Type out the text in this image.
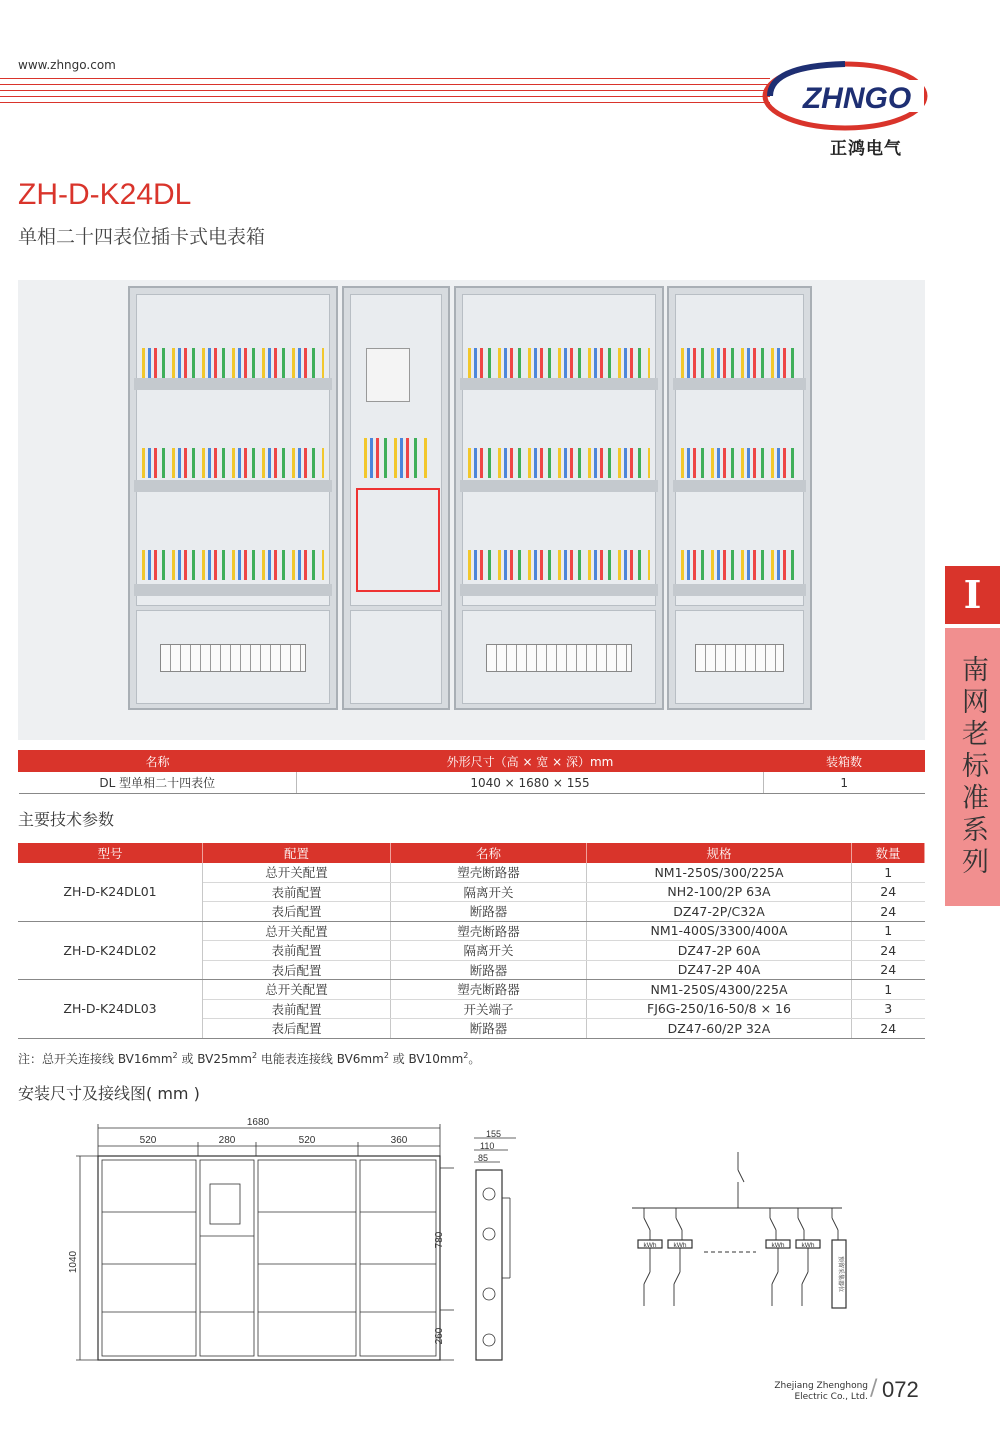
www.zhngo.com
ZHNGO
正鸿电气
ZH-D-K24DL
单相二十四表位插卡式电表箱
名称	外形尺寸（高 × 宽 × 深）mm	装箱数
DL 型单相二十四表位	1040 × 1680 × 155	1
主要技术参数
型号	配置	名称	规格	数量
ZH-D-K24DL01	总开关配置	塑壳断路器	NM1-250S/300/225A	1
	表前配置	隔离开关	NH2-100/2P 63A	24
	表后配置	断路器	DZ47-2P/C32A	24
ZH-D-K24DL02	总开关配置	塑壳断路器	NM1-400S/3300/400A	1
	表前配置	隔离开关	DZ47-2P 60A	24
	表后配置	断路器	DZ47-2P 40A	24
ZH-D-K24DL03	总开关配置	塑壳断路器	NM1-250S/4300/225A	1
	表前配置	开关端子	FJ6G-250/16-50/8 × 16	3
	表后配置	断路器	DZ47-60/2P 32A	24
注：总开关连接线 $BV16mm^2$ 或 $BV25mm^2$ 电能表连接线 $BV6mm^2$ 或 $BV10mm^2$。
安装尺寸及接线图( mm )
1680
520	280	520	360
1040
780
260
155
110
85
kWh	kWh	kWh	kWh
预留采集器位
I
南网老标准系列
Zhejiang Zhenghong
Electric Co., Ltd. / 072
